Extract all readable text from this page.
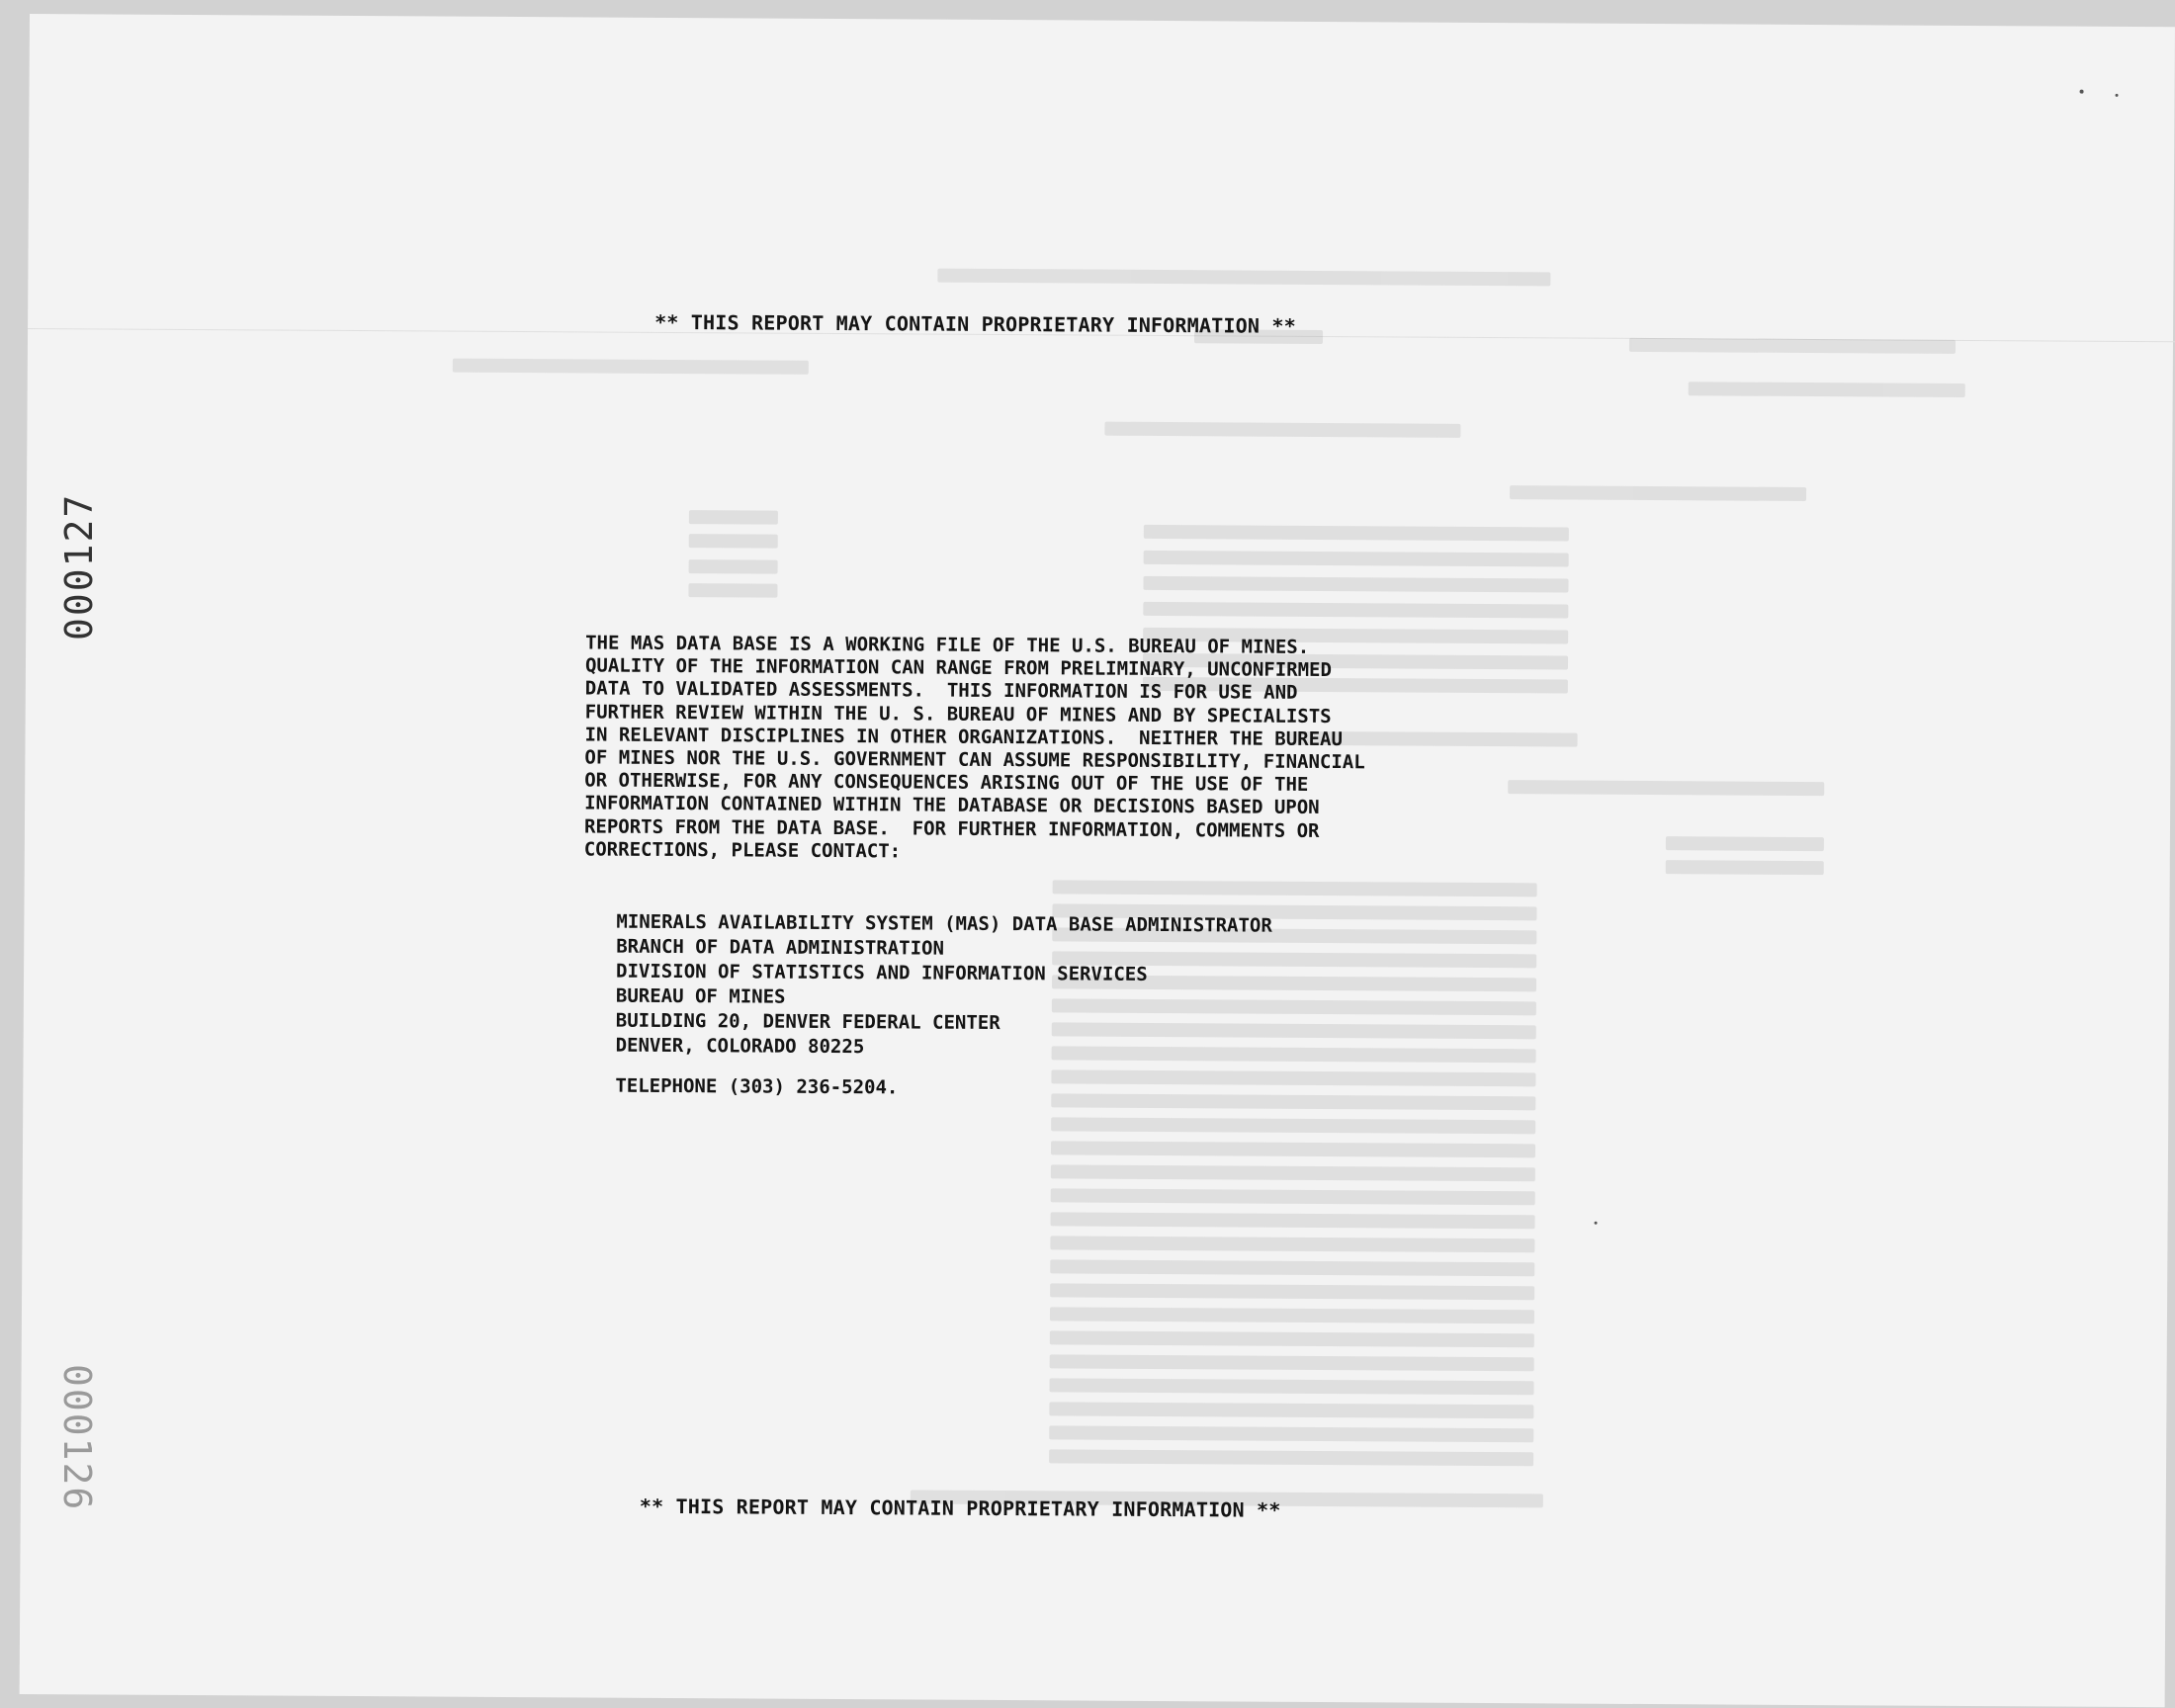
** THIS REPORT MAY CONTAIN PROPRIETARY INFORMATION **
THE MAS DATA BASE IS A WORKING FILE OF THE U.S. BUREAU OF MINES.
QUALITY OF THE INFORMATION CAN RANGE FROM PRELIMINARY, UNCONFIRMED
DATA TO VALIDATED ASSESSMENTS.  THIS INFORMATION IS FOR USE AND
FURTHER REVIEW WITHIN THE U. S. BUREAU OF MINES AND BY SPECIALISTS
IN RELEVANT DISCIPLINES IN OTHER ORGANIZATIONS.  NEITHER THE BUREAU
OF MINES NOR THE U.S. GOVERNMENT CAN ASSUME RESPONSIBILITY, FINANCIAL
OR OTHERWISE, FOR ANY CONSEQUENCES ARISING OUT OF THE USE OF THE
INFORMATION CONTAINED WITHIN THE DATABASE OR DECISIONS BASED UPON
REPORTS FROM THE DATA BASE.  FOR FURTHER INFORMATION, COMMENTS OR
CORRECTIONS, PLEASE CONTACT:
MINERALS AVAILABILITY SYSTEM (MAS) DATA BASE ADMINISTRATOR
BRANCH OF DATA ADMINISTRATION
DIVISION OF STATISTICS AND INFORMATION SERVICES
BUREAU OF MINES
BUILDING 20, DENVER FEDERAL CENTER
DENVER, COLORADO 80225
TELEPHONE (303) 236-5204.
** THIS REPORT MAY CONTAIN PROPRIETARY INFORMATION **
000127
000126
